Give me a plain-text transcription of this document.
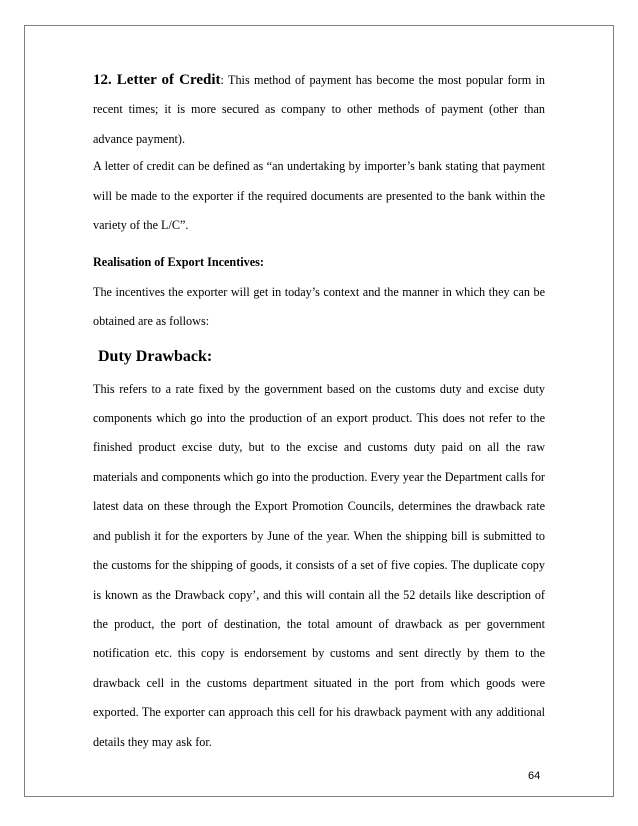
12. Letter of Credit: This method of payment has become the most popular form in recent times; it is more secured as company to other methods of payment (other than advance payment).

A letter of credit can be defined as “an undertaking by importer’s bank stating that payment will be made to the exporter if the required documents are presented to the bank within the variety of the L/C”.

Realisation of Export Incentives:

The incentives the exporter will get in today’s context and the manner in which they can be obtained are as follows:

Duty Drawback:

This refers to a rate fixed by the government based on the customs duty and excise duty components which go into the production of an export product. This does not refer to the finished product excise duty, but to the excise and customs duty paid on all the raw materials and components which go into the production. Every year the Department calls for latest data on these through the Export Promotion Councils, determines the drawback rate and publish it for the exporters by June of the year. When the shipping bill is submitted to the customs for the shipping of goods, it consists of a set of five copies. The duplicate copy is known as the Drawback copy’, and this will contain all the 52 details like description of the product, the port of destination, the total amount of drawback as per government notification etc. this copy is endorsement by customs and sent directly by them to the drawback cell in the customs department situated in the port from which goods were exported. The exporter can approach this cell for his drawback payment with any additional details they may ask for.

64
